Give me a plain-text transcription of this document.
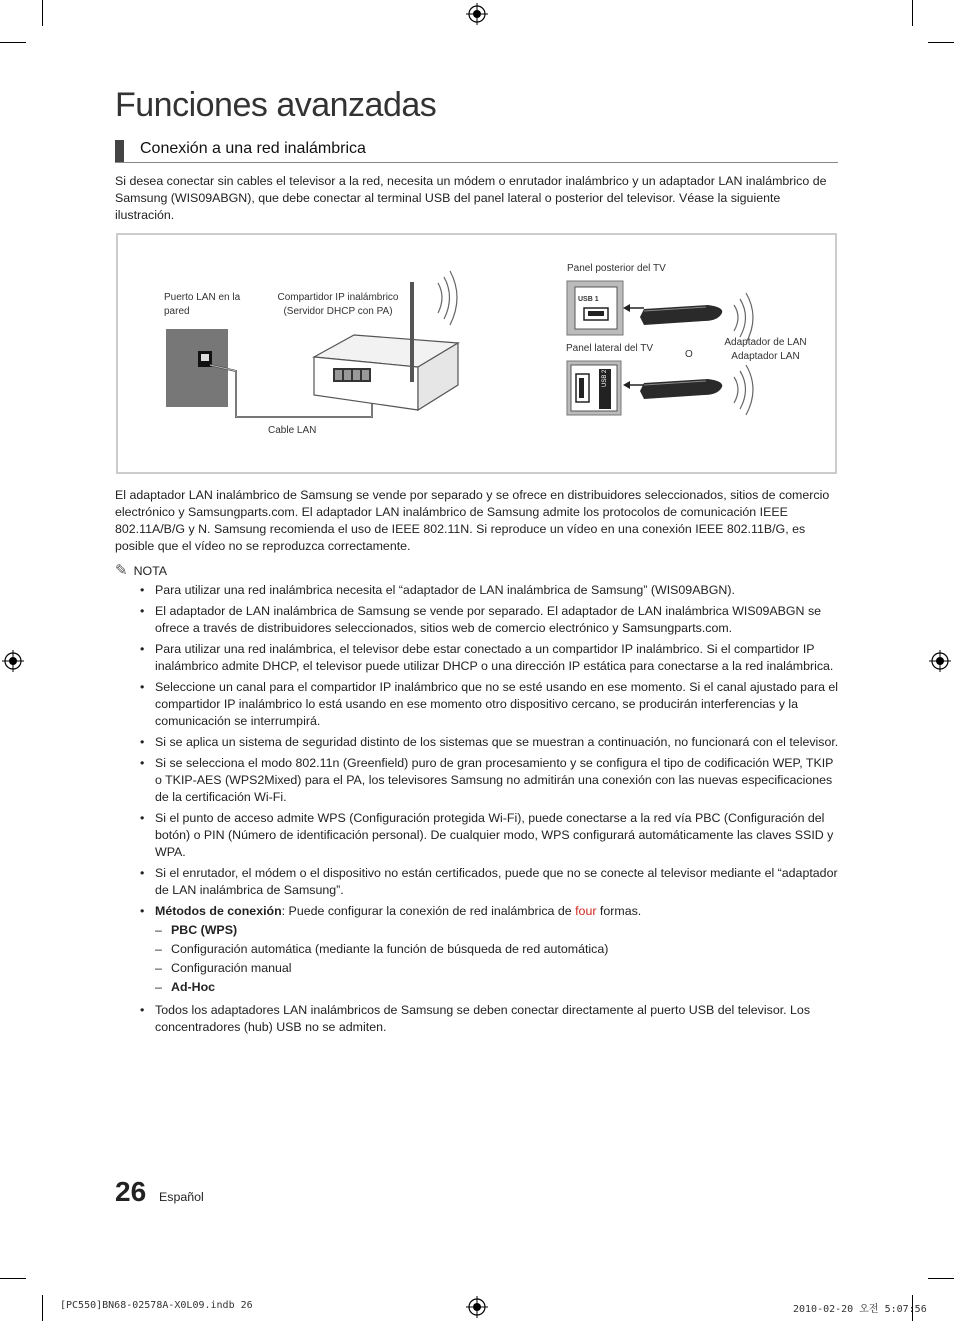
Funciones avanzadas
Conexión a una red inalámbrica
Si desea conectar sin cables el televisor a la red, necesita un módem o enrutador inalámbrico y un adaptador LAN inalámbrico de Samsung (WIS09ABGN), que debe conectar al terminal USB del panel lateral o posterior del televisor. Véase la siguiente ilustración.
Puerto LAN en la pared
Compartidor IP inalámbrico (Servidor DHCP con PA)
Cable LAN
Panel posterior del TV
Panel lateral del TV
O
Adaptador de LAN
Adaptador LAN
USB 1
USB 2
El adaptador LAN inalámbrico de Samsung se vende por separado y se ofrece en distribuidores seleccionados, sitios de comercio electrónico y Samsungparts.com. El adaptador LAN inalámbrico de Samsung admite los protocolos de comunicación IEEE 802.11A/B/G y N. Samsung recomienda el uso de IEEE 802.11N. Si reproduce un vídeo en una conexión IEEE 802.11B/G, es posible que el vídeo no se reproduzca correctamente.
✎ NOTA
• Para utilizar una red inalámbrica necesita el “adaptador de LAN inalámbrica de Samsung” (WIS09ABGN).
• El adaptador de LAN inalámbrica de Samsung se vende por separado. El adaptador de LAN inalámbrica WIS09ABGN se ofrece a través de distribuidores seleccionados, sitios web de comercio electrónico y Samsungparts.com.
• Para utilizar una red inalámbrica, el televisor debe estar conectado a un compartidor IP inalámbrico. Si el compartidor IP inalámbrico admite DHCP, el televisor puede utilizar DHCP o una dirección IP estática para conectarse a la red inalámbrica.
• Seleccione un canal para el compartidor IP inalámbrico que no se esté usando en ese momento. Si el canal ajustado para el compartidor IP inalámbrico lo está usando en ese momento otro dispositivo cercano, se producirán interferencias y la comunicación se interrumpirá.
• Si se aplica un sistema de seguridad distinto de los sistemas que se muestran a continuación, no funcionará con el televisor.
• Si se selecciona el modo 802.11n (Greenfield) puro de gran procesamiento y se configura el tipo de codificación WEP, TKIP o TKIP-AES (WPS2Mixed) para el PA, los televisores Samsung no admitirán una conexión con las nuevas especificaciones de la certificación Wi-Fi.
• Si el punto de acceso admite WPS (Configuración protegida Wi-Fi), puede conectarse a la red vía PBC (Configuración del botón) o PIN (Número de identificación personal). De cualquier modo, WPS configurará automáticamente las claves SSID y WPA.
• Si el enrutador, el módem o el dispositivo no están certificados, puede que no se conecte al televisor mediante el “adaptador de LAN inalámbrica de Samsung”.
• Métodos de conexión: Puede configurar la conexión de red inalámbrica de four formas.
– PBC (WPS)
– Configuración automática (mediante la función de búsqueda de red automática)
– Configuración manual
– Ad-Hoc
• Todos los adaptadores LAN inalámbricos de Samsung se deben conectar directamente al puerto USB del televisor. Los concentradores (hub) USB no se admiten.
26 Español
[PC550]BN68-02578A-X0L09.indb 26	2010-02-20 오전 5:07:56
